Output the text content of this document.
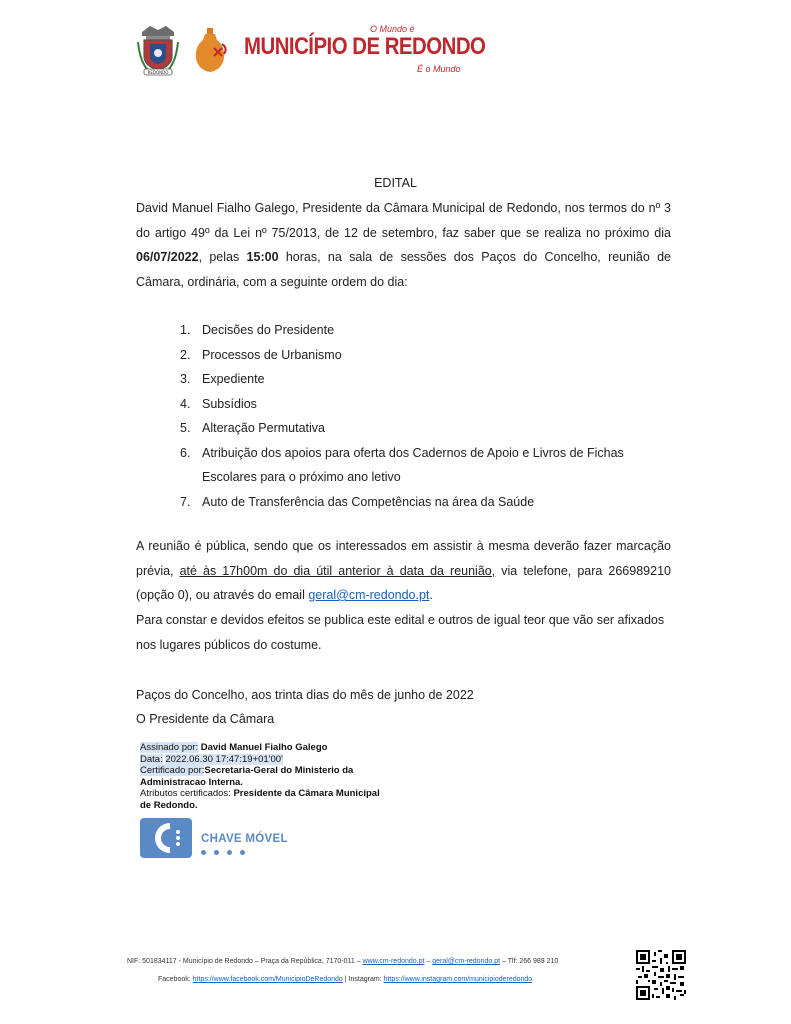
REDONDO
O Mundo é
MUNICÍPIO DE REDONDO
É o Mundo
EDITAL
David Manuel Fialho Galego, Presidente da Câmara Municipal de Redondo, nos termos do nº 3 do artigo 49º da Lei nº 75/2013, de 12 de setembro, faz saber que se realiza no próximo dia 06/07/2022, pelas 15:00 horas, na sala de sessões dos Paços do Concelho, reunião de Câmara, ordinária, com a seguinte ordem do dia:
1. Decisões do Presidente
2. Processos de Urbanismo
3. Expediente
4. Subsídios
5. Alteração Permutativa
6. Atribuição dos apoios para oferta dos Cadernos de Apoio e Livros de Fichas Escolares para o próximo ano letivo
7. Auto de Transferência das Competências na área da Saúde
A reunião é pública, sendo que os interessados em assistir à mesma deverão fazer marcação prévia, até às 17h00m do dia útil anterior à data da reunião, via telefone, para 266989210 (opção 0), ou através do email geral@cm-redondo.pt.
Para constar e devidos efeitos se publica este edital e outros de igual teor que vão ser afixados nos lugares públicos do costume.
Paços do Concelho, aos trinta dias do mês de junho de 2022
O Presidente da Câmara
Assinado por: David Manuel Fialho Galego
Data: 2022.06.30 17:47:19+01'00'
Certificado por:Secretaria-Geral do Ministerio da Administracao Interna.
Atributos certificados: Presidente da Câmara Municipal de Redondo.
CHAVE MÓVEL
NIF: 501834117 - Município de Redondo – Praça da República, 7170-011 – www.cm-redondo.pt – geral@cm-redondo.pt – Tlf: 266 989 210
Facebook: https://www.facebook.com/MunicipioDeRedondo | Instagram: https://www.instagram.com/municipioderedondo
